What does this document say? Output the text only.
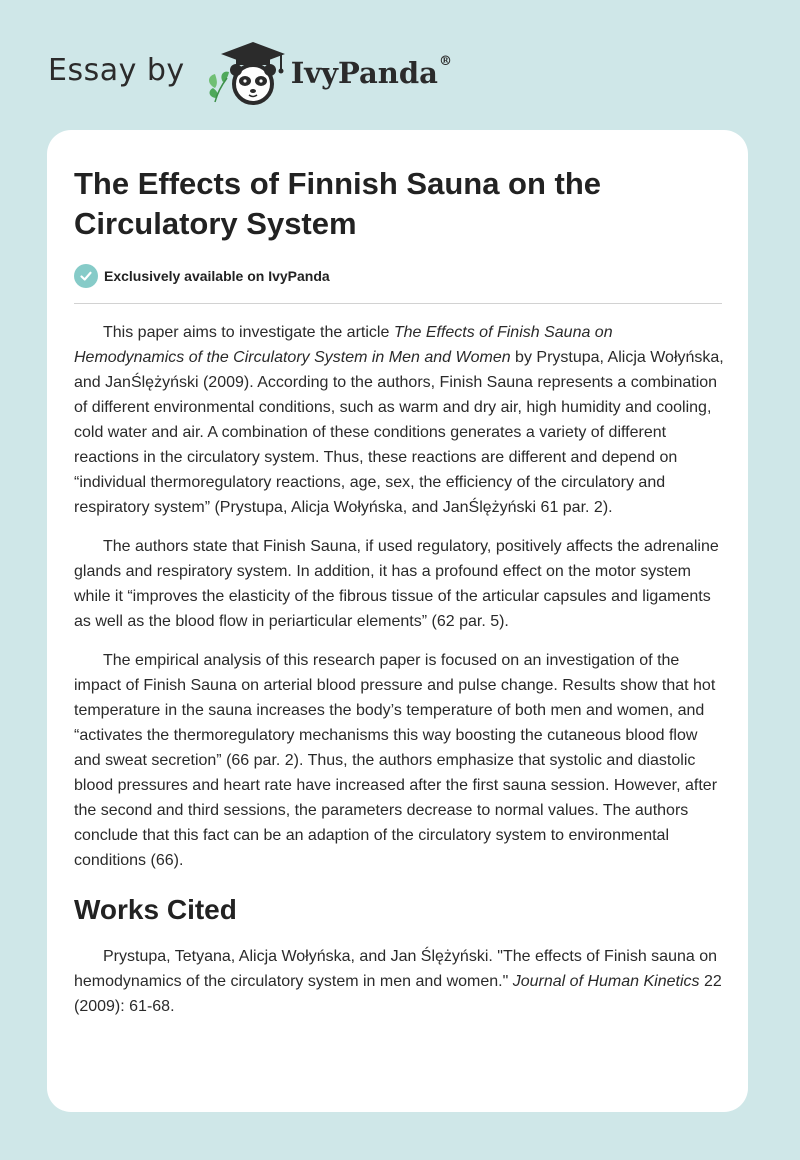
Essay by	IvyPanda®
The Effects of Finnish Sauna on the Circulatory System
Exclusively available on IvyPanda

This paper aims to investigate the article The Effects of Finish Sauna on Hemodynamics of the Circulatory System in Men and Women by Prystupa, Alicja Wołyńska, and JanŚlężyński (2009). According to the authors, Finish Sauna represents a combination of different environmental conditions, such as warm and dry air, high humidity and cooling, cold water and air. A combination of these conditions generates a variety of different reactions in the circulatory system. Thus, these reactions are different and depend on “individual thermoregulatory reactions, age, sex, the efficiency of the circulatory and respiratory system” (Prystupa, Alicja Wołyńska, and JanŚlężyński 61 par. 2).

The authors state that Finish Sauna, if used regulatory, positively affects the adrenaline glands and respiratory system. In addition, it has a profound effect on the motor system while it “improves the elasticity of the fibrous tissue of the articular capsules and ligaments as well as the blood flow in periarticular elements” (62 par. 5).

The empirical analysis of this research paper is focused on an investigation of the impact of Finish Sauna on arterial blood pressure and pulse change. Results show that hot temperature in the sauna increases the body’s temperature of both men and women, and “activates the thermoregulatory mechanisms this way boosting the cutaneous blood flow and sweat secretion” (66 par. 2). Thus, the authors emphasize that systolic and diastolic blood pressures and heart rate have increased after the first sauna session. However, after the second and third sessions, the parameters decrease to normal values. The authors conclude that this fact can be an adaption of the circulatory system to environmental conditions (66).

Works Cited

Prystupa, Tetyana, Alicja Wołyńska, and Jan Ślężyński. "The effects of Finish sauna on hemodynamics of the circulatory system in men and women." Journal of Human Kinetics 22 (2009): 61-68.
